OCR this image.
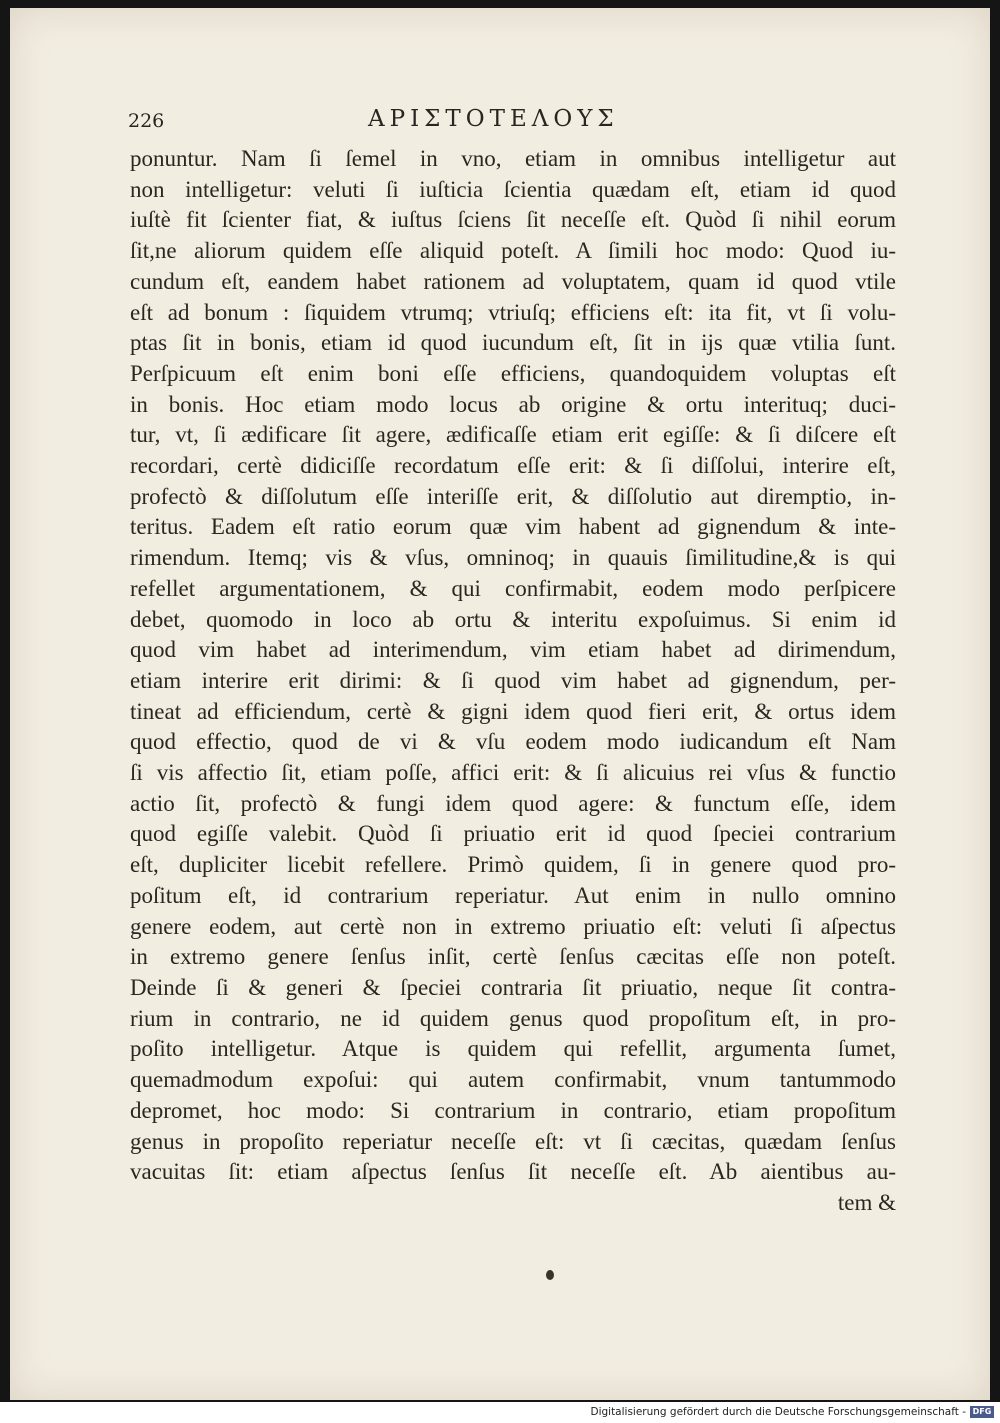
226	ΑΡΙΣΤΟΤΕΛΟΥΣ
ponuntur. Nam ſi ſemel in vno, etiam in omnibus intelligetur aut
non intelligetur: veluti ſi iuſticia ſcientia quædam eſt, etiam id quod
iuſtè fit ſcienter fiat, & iuſtus ſciens ſit neceſſe eſt. Quòd ſi nihil eorum
ſit,ne aliorum quidem eſſe aliquid poteſt. A ſimili hoc modo: Quod iu-
cundum eſt, eandem habet rationem ad voluptatem, quam id quod vtile
eſt ad bonum : ſiquidem vtrumq; vtriuſq; efficiens eſt: ita fit, vt ſi volu-
ptas ſit in bonis, etiam id quod iucundum eſt, ſit in ijs quæ vtilia ſunt.
Perſpicuum eſt enim boni eſſe efficiens, quandoquidem voluptas eſt
in bonis. Hoc etiam modo locus ab origine & ortu interituq; duci-
tur, vt, ſi ædificare ſit agere, ædificaſſe etiam erit egiſſe: & ſi diſcere eſt
recordari, certè didiciſſe recordatum eſſe erit: & ſi diſſolui, interire eſt,
profectò & diſſolutum eſſe interiſſe erit, & diſſolutio aut diremptio, in-
teritus. Eadem eſt ratio eorum quæ vim habent ad gignendum & inte-
rimendum. Itemq; vis & vſus, omninoq; in quauis ſimilitudine,& is qui
refellet argumentationem, & qui confirmabit, eodem modo perſpicere
debet, quomodo in loco ab ortu & interitu expoſuimus. Si enim id
quod vim habet ad interimendum, vim etiam habet ad dirimendum,
etiam interire erit dirimi: & ſi quod vim habet ad gignendum, per-
tineat ad efficiendum, certè & gigni idem quod fieri erit, & ortus idem
quod effectio, quod de vi & vſu eodem modo iudicandum eſt Nam
ſi vis affectio ſit, etiam poſſe, affici erit: & ſi alicuius rei vſus & functio
actio ſit, profectò & fungi idem quod agere: & functum eſſe, idem
quod egiſſe valebit. Quòd ſi priuatio erit id quod ſpeciei contrarium
eſt, dupliciter licebit refellere. Primò quidem, ſi in genere quod pro-
poſitum eſt, id contrarium reperiatur. Aut enim in nullo omnino
genere eodem, aut certè non in extremo priuatio eſt: veluti ſi aſpectus
in extremo genere ſenſus inſit, certè ſenſus cæcitas eſſe non poteſt.
Deinde ſi & generi & ſpeciei contraria ſit priuatio, neque ſit contra-
rium in contrario, ne id quidem genus quod propoſitum eſt, in pro-
poſito intelligetur. Atque is quidem qui refellit, argumenta ſumet,
quemadmodum expoſui: qui autem confirmabit, vnum tantummodo
depromet, hoc modo: Si contrarium in contrario, etiam propoſitum
genus in propoſito reperiatur neceſſe eſt: vt ſi cæcitas, quædam ſenſus
vacuitas ſit: etiam aſpectus ſenſus ſit neceſſe eſt. Ab aientibus au-
tem &
Digitalisierung gefördert durch die Deutsche Forschungsgemeinschaft - DFG
